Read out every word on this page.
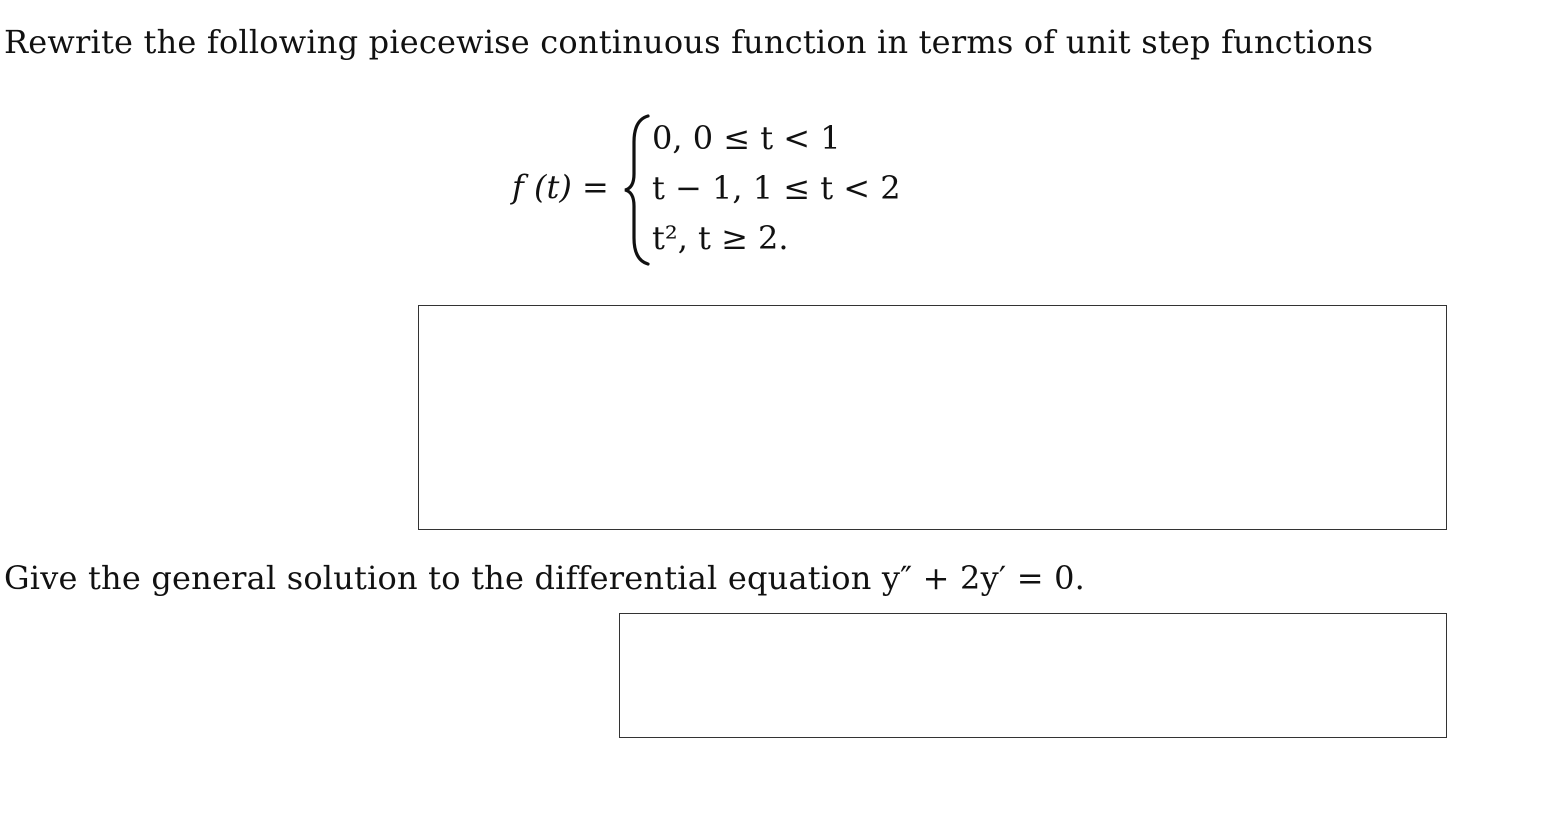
Rewrite the following piecewise continuous function in terms of unit step functions
f (t) =
0, 0 ≤ t < 1
t − 1, 1 ≤ t < 2
t², t ≥ 2.
Give the general solution to the differential equation y″ + 2y′ = 0.
